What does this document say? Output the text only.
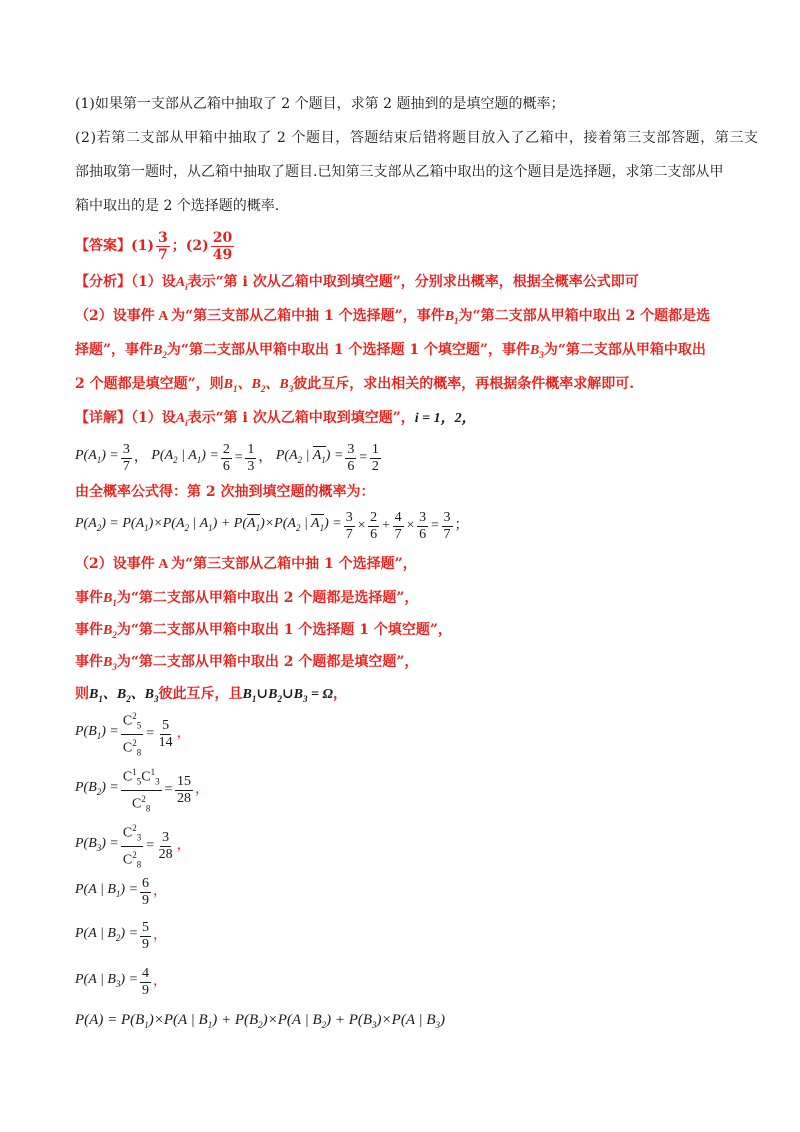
(1)如果第一支部从乙箱中抽取了 2 个题目，求第 2 题抽到的是填空题的概率；
(2)若第二支部从甲箱中抽取了 2 个题目，答题结束后错将题目放入了乙箱中，接着第三支部答题，第三支
部抽取第一题时，从乙箱中抽取了题目.已知第三支部从乙箱中取出的这个题目是选择题，求第二支部从甲
箱中取出的是 2 个选择题的概率.
【答案】 $(1) \frac{3}{7}$ ；$(2) \frac{20}{49}$
【分析】（1）设$A_i$表示“第 i 次从乙箱中取到填空题”，分别求出概率，根据全概率公式即可
（2）设事件 A 为“第三支部从乙箱中抽 1 个选择题”，事件$B_1$为“第二支部从甲箱中取出 2 个题都是选
择题”，事件$B_2$为“第二支部从甲箱中取出 1 个选择题 1 个填空题”，事件$B_3$为“第二支部从甲箱中取出
2 个题都是填空题”，则$B_1$、$B_2$、$B_3$彼此互斥，求出相关的概率，再根据条件概率求解即可.
【详解】（1）设$A_i$表示“第 i 次从乙箱中取到填空题”，i = 1，2，
$P(A_1) = \frac{3}{7}$ ， $P(A_2$ | $A_1) = \frac{2}{6} = \frac{1}{3}$ ， $P(A_2$ | $A_1) = \frac{3}{6} = \frac{1}{2}$
由全概率公式得：第 2 次抽到填空题的概率为：
$P(A_2) = P(A_1)\times P(A_2$ | $A_1) + P(A_1)\times P(A_2$ | $A_1) = \frac{3}{7} \times \frac{2}{6} + \frac{4}{7} \times \frac{3}{6} = \frac{3}{7}$ ；
（2）设事件 A 为“第三支部从乙箱中抽 1 个选择题”，
事件$B_1$为“第二支部从甲箱中取出 2 个题都是选择题”，
事件$B_2$为“第二支部从甲箱中取出 1 个选择题 1 个填空题”，
事件$B_3$为“第二支部从甲箱中取出 2 个题都是填空题”，
则$B_1$、$B_2$、$B_3$彼此互斥，且$B_1\cup B_2\cup B_3 = \Omega$，
$P(B_1) = \frac{C^2_5}{C^2_8} = \frac{5}{14}$ ，
$P(B_2) = \frac{C^1_5C^1_3}{C^2_8} = \frac{15}{28}$ ，
$P(B_3) = \frac{C^2_3}{C^2_8} = \frac{3}{28}$ ，
P(A | $B_1) = \frac{6}{9}$ ，
P(A | $B_2) = \frac{5}{9}$ ，
P(A | $B_3) = \frac{4}{9}$ ，
$P(A) = P(B_1)\times P(A$ | $B_1) + P(B_2)\times P(A$ | $B_2) + P(B_3)\times P(A$ | $B_3$)
